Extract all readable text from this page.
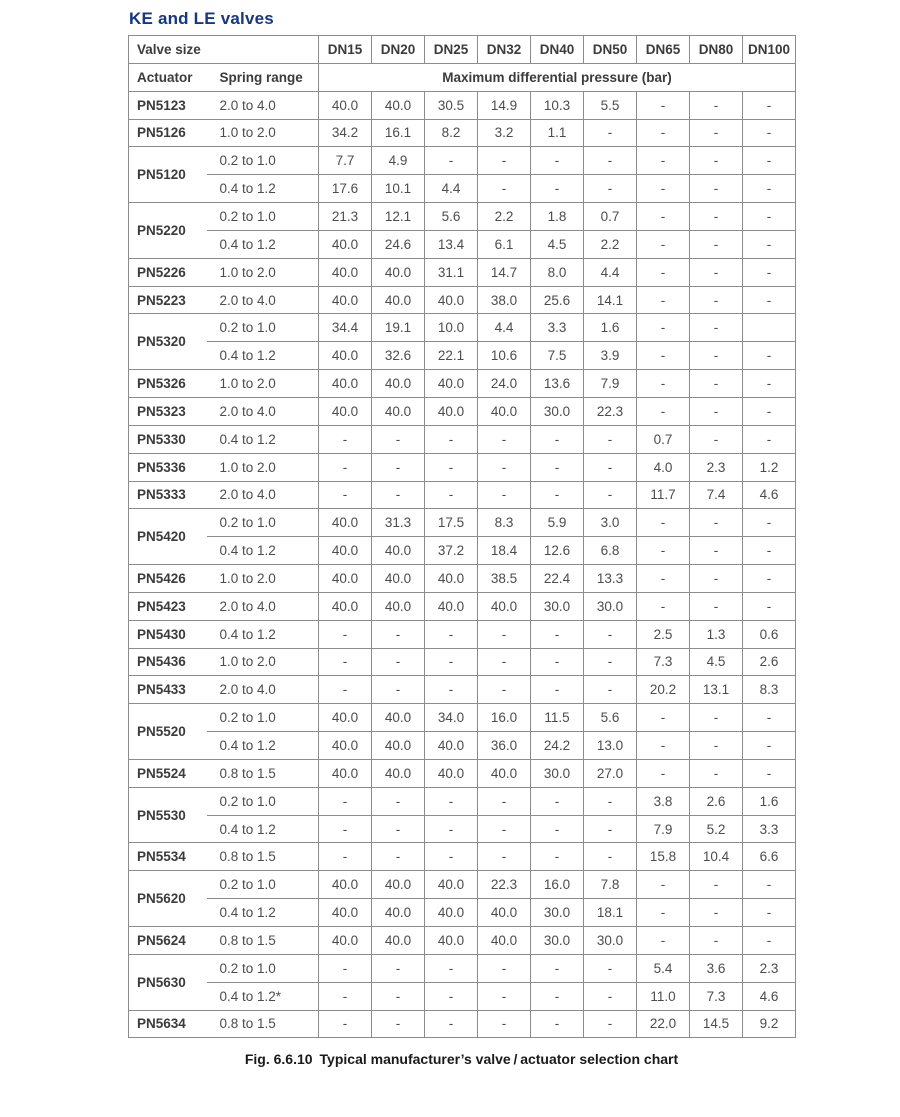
KE and LE valves
Valve size		DN15	DN20	DN25	DN32	DN40	DN50	DN65	DN80	DN100
Actuator	Spring range	Maximum differential pressure (bar)								
PN5123	2.0 to 4.0	40.0	40.0	30.5	14.9	10.3	5.5	-	-	-
PN5126	1.0 to 2.0	34.2	16.1	8.2	3.2	1.1	-	-	-	-
PN5120	0.2 to 1.0	7.7	4.9	-	-	-	-	-	-	-
	0.4 to 1.2	17.6	10.1	4.4	-	-	-	-	-	-
PN5220	0.2 to 1.0	21.3	12.1	5.6	2.2	1.8	0.7	-	-	-
	0.4 to 1.2	40.0	24.6	13.4	6.1	4.5	2.2	-	-	-
PN5226	1.0 to 2.0	40.0	40.0	31.1	14.7	8.0	4.4	-	-	-
PN5223	2.0 to 4.0	40.0	40.0	40.0	38.0	25.6	14.1	-	-	-
PN5320	0.2 to 1.0	34.4	19.1	10.0	4.4	3.3	1.6	-	-	
	0.4 to 1.2	40.0	32.6	22.1	10.6	7.5	3.9	-	-	-
PN5326	1.0 to 2.0	40.0	40.0	40.0	24.0	13.6	7.9	-	-	-
PN5323	2.0 to 4.0	40.0	40.0	40.0	40.0	30.0	22.3	-	-	-
PN5330	0.4 to 1.2	-	-	-	-	-	-	0.7	-	-
PN5336	1.0 to 2.0	-	-	-	-	-	-	4.0	2.3	1.2
PN5333	2.0 to 4.0	-	-	-	-	-	-	11.7	7.4	4.6
PN5420	0.2 to 1.0	40.0	31.3	17.5	8.3	5.9	3.0	-	-	-
	0.4 to 1.2	40.0	40.0	37.2	18.4	12.6	6.8	-	-	-
PN5426	1.0 to 2.0	40.0	40.0	40.0	38.5	22.4	13.3	-	-	-
PN5423	2.0 to 4.0	40.0	40.0	40.0	40.0	30.0	30.0	-	-	-
PN5430	0.4 to 1.2	-	-	-	-	-	-	2.5	1.3	0.6
PN5436	1.0 to 2.0	-	-	-	-	-	-	7.3	4.5	2.6
PN5433	2.0 to 4.0	-	-	-	-	-	-	20.2	13.1	8.3
PN5520	0.2 to 1.0	40.0	40.0	34.0	16.0	11.5	5.6	-	-	-
	0.4 to 1.2	40.0	40.0	40.0	36.0	24.2	13.0	-	-	-
PN5524	0.8 to 1.5	40.0	40.0	40.0	40.0	30.0	27.0	-	-	-
PN5530	0.2 to 1.0	-	-	-	-	-	-	3.8	2.6	1.6
	0.4 to 1.2	-	-	-	-	-	-	7.9	5.2	3.3
PN5534	0.8 to 1.5	-	-	-	-	-	-	15.8	10.4	6.6
PN5620	0.2 to 1.0	40.0	40.0	40.0	22.3	16.0	7.8	-	-	-
	0.4 to 1.2	40.0	40.0	40.0	40.0	30.0	18.1	-	-	-
PN5624	0.8 to 1.5	40.0	40.0	40.0	40.0	30.0	30.0	-	-	-
PN5630	0.2 to 1.0	-	-	-	-	-	-	5.4	3.6	2.3
	0.4 to 1.2*	-	-	-	-	-	-	11.0	7.3	4.6
PN5634	0.8 to 1.5	-	-	-	-	-	-	22.0	14.5	9.2
Fig. 6.6.10 Typical manufacturer’s valve / actuator selection chart
